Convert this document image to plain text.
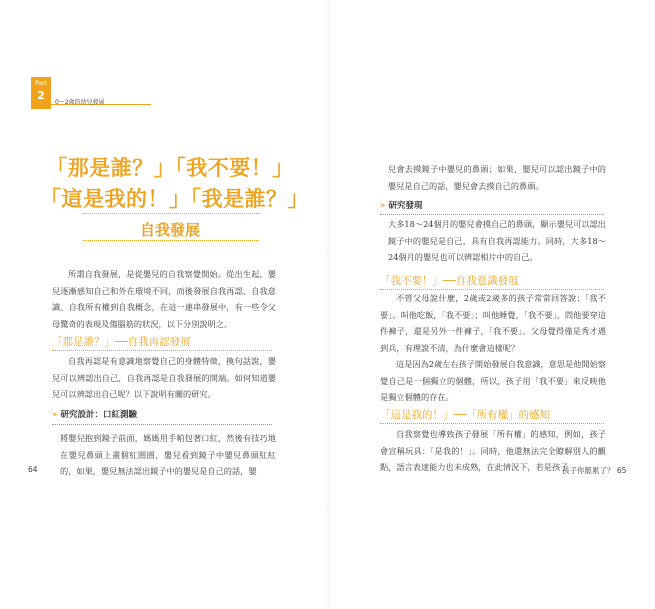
Part
2
0～2歲的幼兒發展
「那是誰？」「我不要！」
「這是我的！」「我是誰？」
自我發展

所謂自我發展，是從嬰兒的自我察覺開始。從出生起，嬰兒逐漸感知自己和外在環境不同，而後發展自我再認、自我意識、自我所有權到自我概念，在這一連串發展中，有一些令父母驚奇的表現及傷腦筋的狀況，以下分別說明之。

「那是誰？」──自我再認發展

自我再認是有意識地察覺自己的身體特徵，換句話說，嬰兒可以辨認出自己，自我再認是自我發展的開端。如何知道嬰兒可以辨認出自己呢？以下說明有關的研究。

» 研究設計：口紅測驗

將嬰兒抱到鏡子前面，媽媽用手帕包著口紅，然後有技巧地在嬰兒鼻頭上畫個紅圈圈，嬰兒看到鏡子中嬰兒鼻頭紅紅的，如果，嬰兒無法認出鏡子中的嬰兒是自己的話，嬰

64

兒會去摸鏡子中嬰兒的鼻頭；如果，嬰兒可以認出鏡子中的嬰兒是自己的話，嬰兒會去摸自己的鼻頭。

» 研究發現

大多18～24個月的嬰兒會摸自己的鼻頭，顯示嬰兒可以認出鏡子中的嬰兒是自己，具有自我再認能力。同時，大多18～24個月的嬰兒也可以辨認相片中的自己。

「我不要！」──自我意識發展

不管父母說什麼，2歲或2歲多的孩子常常回答說：「我不要」。叫他吃飯，「我不要」；叫他睡覺，「我不要」，問他要穿這件褲子，還是另外一件褲子，「我不要」。父母覺得僅是秀才遇到兵，有理說不清，為什麼會這樣呢？

這是因為2歲左右孩子開始發展自我意識，意思是他開始察覺自己是一個獨立的個體，所以，孩子用「我不要」來反映他是獨立個體的存在。

「這是我的！」──「所有權」的感知

自我察覺也導致孩子發展「所有權」的感知，例如，孩子會宣稱玩具：「是我的！」。同時，他還無法完全瞭解別人的觀點，語言表達能力也未成熟，在此情況下，若是孩子

孩子你罷累了？ 65
